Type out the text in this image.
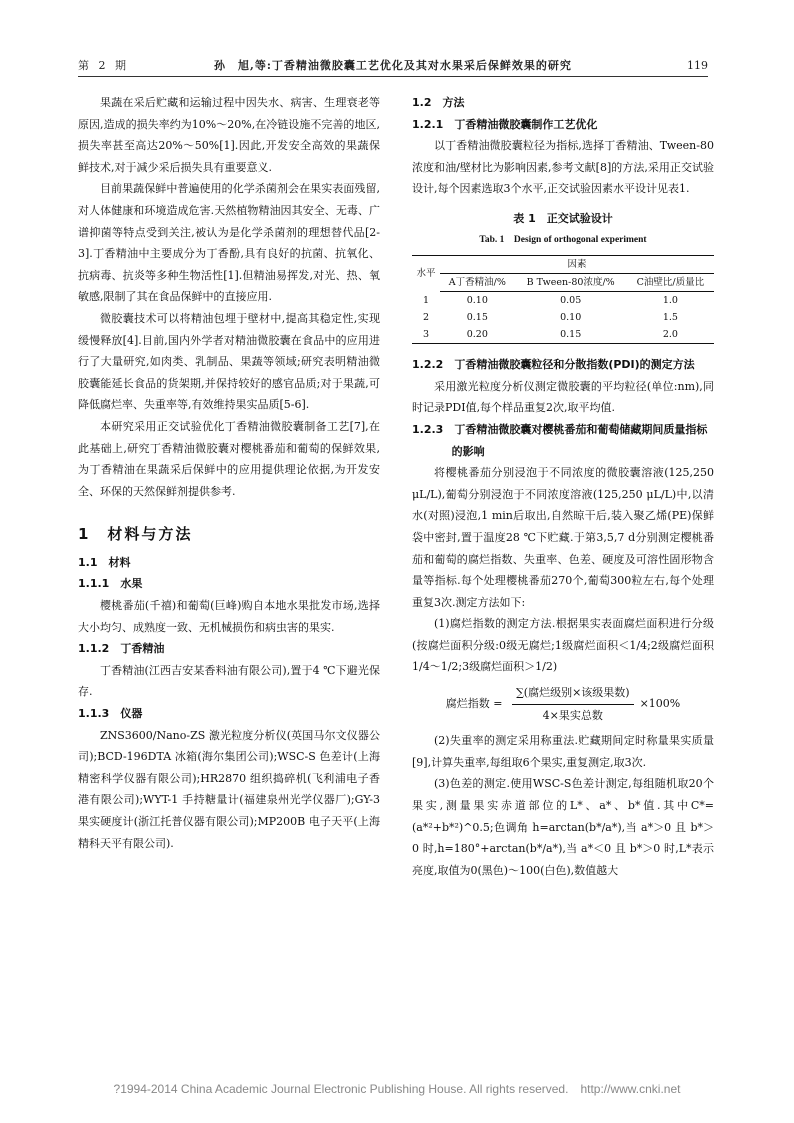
第 2 期	孙　旭,等:丁香精油微胶囊工艺优化及其对水果采后保鲜效果的研究	119

果蔬在采后贮藏和运输过程中因失水、病害、生理衰老等原因,造成的损失率约为10%～20%,在冷链设施不完善的地区,损失率甚至高达20%～50%[1].因此,开发安全高效的果蔬保鲜技术,对于减少采后损失具有重要意义.

目前果蔬保鲜中普遍使用的化学杀菌剂会在果实表面残留,对人体健康和环境造成危害.天然植物精油因其安全、无毒、广谱抑菌等特点受到关注,被认为是化学杀菌剂的理想替代品[2-3].丁香精油中主要成分为丁香酚,具有良好的抗菌、抗氧化、抗病毒、抗炎等多种生物活性[1].但精油易挥发,对光、热、氧敏感,限制了其在食品保鲜中的直接应用.

微胶囊技术可以将精油包埋于壁材中,提高其稳定性,实现缓慢释放[4].目前,国内外学者对精油微胶囊在食品中的应用进行了大量研究,如肉类、乳制品、果蔬等领域;研究表明精油微胶囊能延长食品的货架期,并保持较好的感官品质;对于果蔬,可降低腐烂率、失重率等,有效维持果实品质[5-6].

本研究采用正交试验优化丁香精油微胶囊制备工艺[7],在此基础上,研究丁香精油微胶囊对樱桃番茄和葡萄的保鲜效果,为丁香精油在果蔬采后保鲜中的应用提供理论依据,为开发安全、环保的天然保鲜剂提供参考.

1　材料与方法
1.1　材料
1.1.1　水果

樱桃番茄(千禧)和葡萄(巨峰)购自本地水果批发市场,选择大小均匀、成熟度一致、无机械损伤和病虫害的果实.

1.1.2　丁香精油

丁香精油(江西吉安某香料油有限公司),置于4 ℃下避光保存.

1.1.3　仪器

ZNS3600/Nano-ZS 激光粒度分析仪(英国马尔文仪器公司);BCD-196DTA 冰箱(海尔集团公司);WSC-S 色差计(上海精密科学仪器有限公司);HR2870 组织捣碎机(飞利浦电子香港有限公司);WYT-1 手持糖量计(福建泉州光学仪器厂);GY-3 果实硬度计(浙江托普仪器有限公司);MP200B 电子天平(上海精科天平有限公司).

1.2　方法
1.2.1　丁香精油微胶囊制作工艺优化

以丁香精油微胶囊粒径为指标,选择丁香精油、Tween-80 浓度和油/壁材比为影响因素,参考文献[8]的方法,采用正交试验设计,每个因素选取3个水平,正交试验因素水平设计见表1.

表 1　正交试验设计
Tab. 1　Design of orthogonal experiment
水平	因素		
	A丁香精油/%	B Tween-80浓度/%	C油壁比/质量比
1	0.10	0.05	1.0
2	0.15	0.10	1.5
3	0.20	0.15	2.0
1.2.2　丁香精油微胶囊粒径和分散指数(PDI)的测定方法

采用激光粒度分析仪测定微胶囊的平均粒径(单位:nm),同时记录PDI值,每个样品重复2次,取平均值.

1.2.3　丁香精油微胶囊对樱桃番茄和葡萄储藏期间质量指标的影响

将樱桃番茄分别浸泡于不同浓度的微胶囊溶液(125,250 μL/L),葡萄分别浸泡于不同浓度溶液(125,250 μL/L)中,以清水(对照)浸泡,1 min后取出,自然晾干后,装入聚乙烯(PE)保鲜袋中密封,置于温度28 ℃下贮藏.于第3,5,7 d分别测定樱桃番茄和葡萄的腐烂指数、失重率、色差、硬度及可溶性固形物含量等指标.每个处理樱桃番茄270个,葡萄300粒左右,每个处理重复3次.测定方法如下:

(1)腐烂指数的测定方法.根据果实表面腐烂面积进行分级(按腐烂面积分级:0级无腐烂;1级腐烂面积＜1/4;2级腐烂面积1/4～1/2;3级腐烂面积＞1/2)

腐烂指数 = $\frac{\text{∑(腐烂级别×该级果数)}}{\text{4×果实总数}} \times 100\%$

(2)失重率的测定采用称重法.贮藏期间定时称量果实质量[9],计算失重率,每组取6个果实,重复测定,取3次.

(3)色差的测定.使用WSC-S色差计测定,每组随机取20个果实,测量果实赤道部位的L*、a*、b*值.其中C*=(a*²+b*²)^0.5;色调角 h=arctan(b*/a*),当 a*＞0 且 b*＞0 时,h=180°+arctan(b*/a*),当 a*＜0 且 b*＞0 时,L*表示亮度,取值为0(黑色)～100(白色),数值越大

?1994-2014 China Academic Journal Electronic Publishing House. All rights reserved.　http://www.cnki.net
